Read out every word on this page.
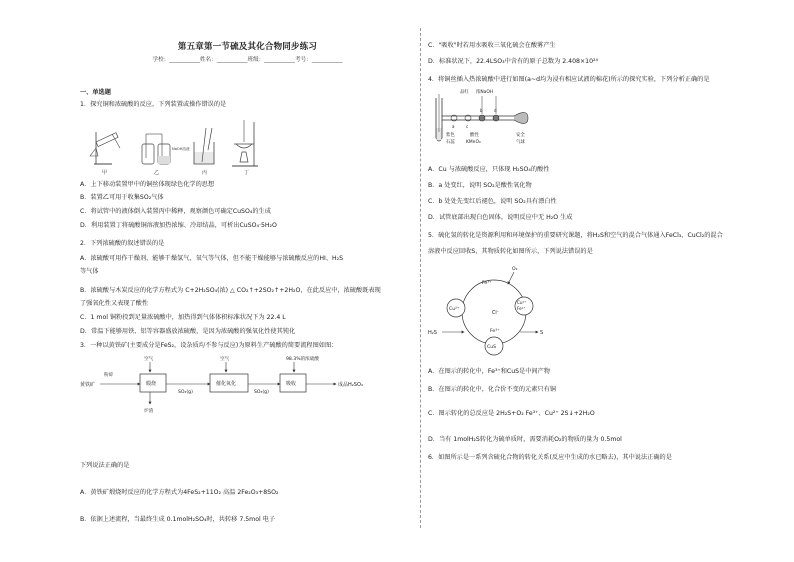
第五章第一节硫及其化合物同步练习
学校：___________姓名：___________班级：___________考号：___________
一、单选题
1．探究铜和浓硫酸的反应，下列装置或操作错误的是
甲	乙	丙	丁
NaOH溶液
A．上下移动装置甲中的铜丝体现绿色化学的思想
B．装置乙可用于收集SO₂气体
C．将试管中的液体倒入装置丙中稀释，观察颜色可确定CuSO₄的生成
D．利用装置丁将硫酸铜溶液加热浓缩、冷却结晶，可析出CuSO₄·5H₂O
2．下列浓硫酸的叙述错误的是
A．浓硫酸可用作干燥剂，能够干燥氢气、氧气等气体，但不能干燥能够与浓硫酸反应的HI、H₂S
等气体
B．浓硫酸与木炭反应的化学方程式为 C+2H₂SO₄(浓) △ CO₂↑+2SO₂↑+2H₂O，在此反应中，浓硫酸既表现
了强氧化性又表现了酸性
C．1 mol 铜粉投到足量浓硫酸中，加热得到气体体积标准状况下为 22.4 L
D．常温下能够用铁、铝等容器盛放浓硫酸，是因为浓硫酸的强氧化性使其钝化
3．一种以黄铁矿(主要成分是FeS₂，设杂质均不参与反应)为原料生产硫酸的简要流程图如图：
黄铁矿
粉碎
空气
煅烧
炉渣
SO₂(g)
空气
催化氧化
SO₃(g)
98.3%的浓硫酸
吸收	成品H₂SO₄
下列说法正确的是
A．黄铁矿煅烧时反应的化学方程式为4FeS₂+11O₂ 高温 2Fe₂O₃+8SO₂
B．依据上述流程，当最终生成 0.1molH₂SO₄时，共转移 7.5mol 电子
C．"吸收"时若用水吸收三氧化硫会在酸雾产生
D．标准状况下，22.4LSO₃中含有的原子总数为 2.408×10²⁴
4．将铜丝插入热浓硫酸中进行如图(a~d均为浸有相应试液的棉花)所示的探究实验，下列分析正确的是
品红 浓NaOH
b	d
a	c
紫色
石蕊
酸性
KMnO₄
安全
气球
A．Cu 与浓硫酸反应，只体现 H₂SO₄的酸性
B．a 处变红，说明 SO₂是酸性氧化物
C．b 处处先变红后褪色，说明 SO₂具有漂白性
D．试管底部出现白色固体，说明反应中无 H₂O 生成
5．硫化氢的转化是资源利用和环境保护的重要研究课题，将H₂S和空气的混合气体通入FeCl₃、CuCl₂的混合
溶液中反应回收S，其物质转化如图所示，下列说法错误的是
O₂
Fe³⁺
Cu²⁺
Cu²⁺
Fe²⁺
Cl⁻
Fe³⁺
H₂S	S
CuS
A．在图示的转化中，Fe³⁺和CuS是中间产物
B．在图示的转化中，化合价不变的元素只有铜
C．图示转化的总反应是 2H₂S+O₂ Fe³⁺、Cu²⁺ 2S↓+2H₂O
D．当有 1molH₂S转化为硫单质时，需要消耗O₂的物质的量为 0.5mol
6．如图所示是一系列含硫化合物的转化关系(反应中生成的水已略去)，其中说法正确的是
